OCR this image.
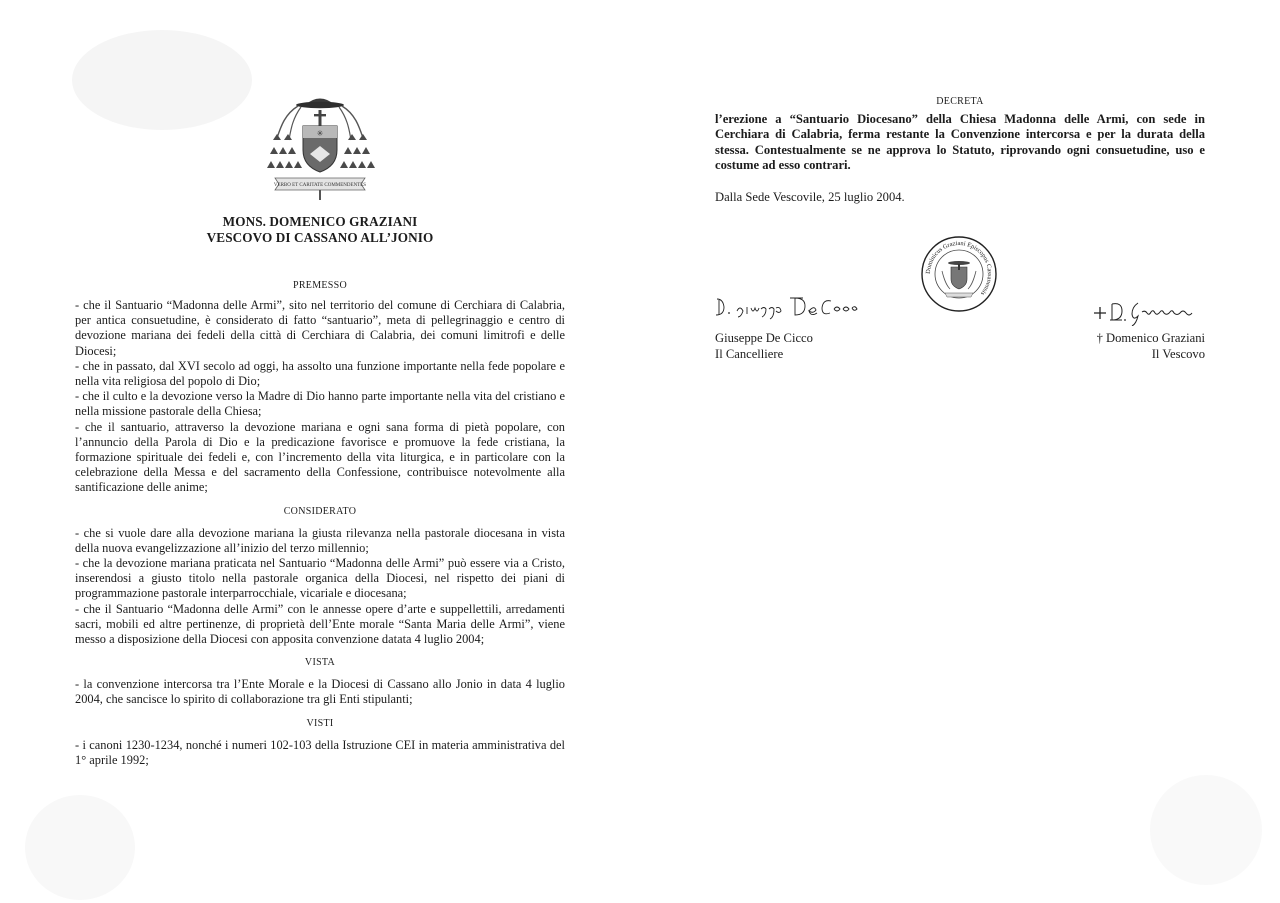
✳
VERBO ET CARITATE COMMENDENTES
MONS. DOMENICO GRAZIANI
VESCOVO DI CASSANO ALL’JONIO

PREMESSO

- che il Santuario “Madonna delle Armi”, sito nel territorio del comune di Cerchiara di Calabria, per antica consuetudine, è considerato di fatto “santuario”, meta di pellegrinaggio e centro di devozione mariana dei fedeli della città di Cerchiara di Calabria, dei comuni limitrofi e delle Diocesi;

- che in passato, dal XVI secolo ad oggi, ha assolto una funzione importante nella fede popolare e nella vita religiosa del popolo di Dio;

- che il culto e la devozione verso la Madre di Dio hanno parte importante nella vita del cristiano e nella missione pastorale della Chiesa;

- che il santuario, attraverso la devozione mariana e ogni sana forma di pietà popolare, con l’annuncio della Parola di Dio e la predicazione favorisce e promuove la fede cristiana, la formazione spirituale dei fedeli e, con l’incremento della vita liturgica, e in particolare con la celebrazione della Messa e del sacramento della Confessione, contribuisce notevolmente alla santificazione delle anime;

CONSIDERATO

- che si vuole dare alla devozione mariana la giusta rilevanza nella pastorale diocesana in vista della nuova evangelizzazione all’inizio del terzo millennio;

- che la devozione mariana praticata nel Santuario “Madonna delle Armi” può essere via a Cristo, inserendosi a giusto titolo nella pastorale organica della Diocesi, nel rispetto dei piani di programmazione pastorale interparrocchiale, vicariale e diocesana;

- che il Santuario “Madonna delle Armi” con le annesse opere d’arte e suppellettili, arredamenti sacri, mobili ed altre pertinenze, di proprietà dell’Ente morale “Santa Maria delle Armi”, viene messo a disposizione della Diocesi con apposita convenzione datata 4 luglio 2004;

VISTA

- la convenzione intercorsa tra l’Ente Morale e la Diocesi di Cassano allo Jonio in data 4 luglio 2004, che sancisce lo spirito di collaborazione tra gli Enti stipulanti;

VISTI

- i canoni 1230-1234, nonché i numeri 102-103 della Istruzione CEI in materia amministrativa del 1° aprile 1992;

DECRETA

l’erezione a “Santuario Diocesano” della Chiesa Madonna delle Armi, con sede in Cerchiara di Calabria, ferma restante la Convenzione intercorsa e per la durata della stessa. Contestualmente se ne approva lo Statuto, riprovando ogni consuetudine, uso e costume ad esso contrari.

Dalla Sede Vescovile, 25 luglio 2004.

Dominicus Graziani Episcopus Cassanensis
Giuseppe De Cicco
Il Cancelliere
† Domenico Graziani
Il Vescovo
